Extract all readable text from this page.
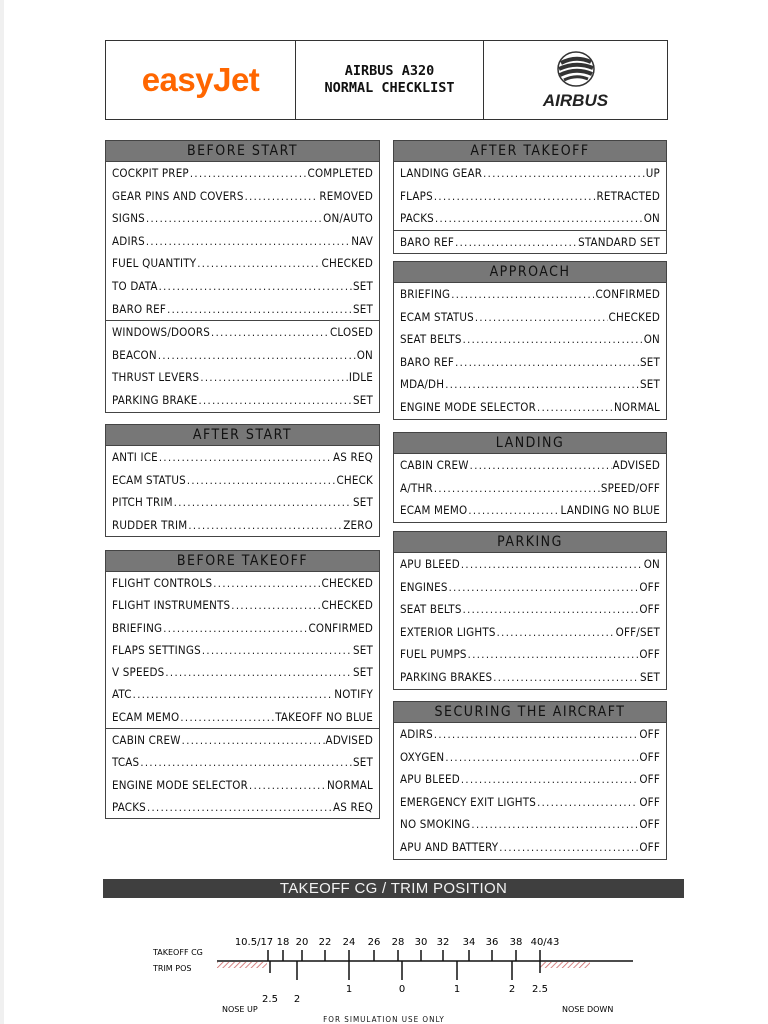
easyJet	AIRBUS A320
NORMAL CHECKLIST
AIRBUS
BEFORE START
COCKPIT PREP .....	COMPLETED
GEAR PINS AND COVERS .....	REMOVED
SIGNS .....	ON/AUTO
ADIRS .....	NAV
FUEL QUANTITY .....	CHECKED
TO DATA .....	SET
BARO REF .....	SET
WINDOWS/DOORS .....	CLOSED
BEACON .....	ON
THRUST LEVERS .....	IDLE
PARKING BRAKE .....	SET
AFTER START
ANTI ICE .....	AS REQ
ECAM STATUS .....	CHECK
PITCH TRIM .....	SET
RUDDER TRIM .....	ZERO
BEFORE TAKEOFF
FLIGHT CONTROLS .....	CHECKED
FLIGHT INSTRUMENTS .....	CHECKED
BRIEFING .....	CONFIRMED
FLAPS SETTINGS .....	SET
V SPEEDS .....	SET
ATC .....	NOTIFY
ECAM MEMO .....	TAKEOFF NO BLUE
CABIN CREW .....	ADVISED
TCAS .....	SET
ENGINE MODE SELECTOR .....	NORMAL
PACKS .....	AS REQ
AFTER TAKEOFF
LANDING GEAR .....	UP
FLAPS .....	RETRACTED
PACKS .....	ON
BARO REF .....	STANDARD SET
APPROACH
BRIEFING .....	CONFIRMED
ECAM STATUS .....	CHECKED
SEAT BELTS .....	ON
BARO REF .....	SET
MDA/DH .....	SET
ENGINE MODE SELECTOR .....	NORMAL
LANDING
CABIN CREW .....	ADVISED
A/THR .....	SPEED/OFF
ECAM MEMO .....	LANDING NO BLUE
PARKING
APU BLEED .....	ON
ENGINES .....	OFF
SEAT BELTS .....	OFF
EXTERIOR LIGHTS .....	OFF/SET
FUEL PUMPS .....	OFF
PARKING BRAKES .....	SET
SECURING THE AIRCRAFT
ADIRS .....	OFF
OXYGEN .....	OFF
APU BLEED .....	OFF
EMERGENCY EXIT LIGHTS .....	OFF
NO SMOKING .....	OFF
APU AND BATTERY .....	OFF
TAKEOFF CG / TRIM POSITION
TAKEOFF CG
TRIM POS
10.5/17 18 20 22 24 26 28 30 32 34 36 38 40/43
2.5 2
1	0	1	2 2.5
NOSE UP	NOSE DOWN
FOR SIMULATION USE ONLY
